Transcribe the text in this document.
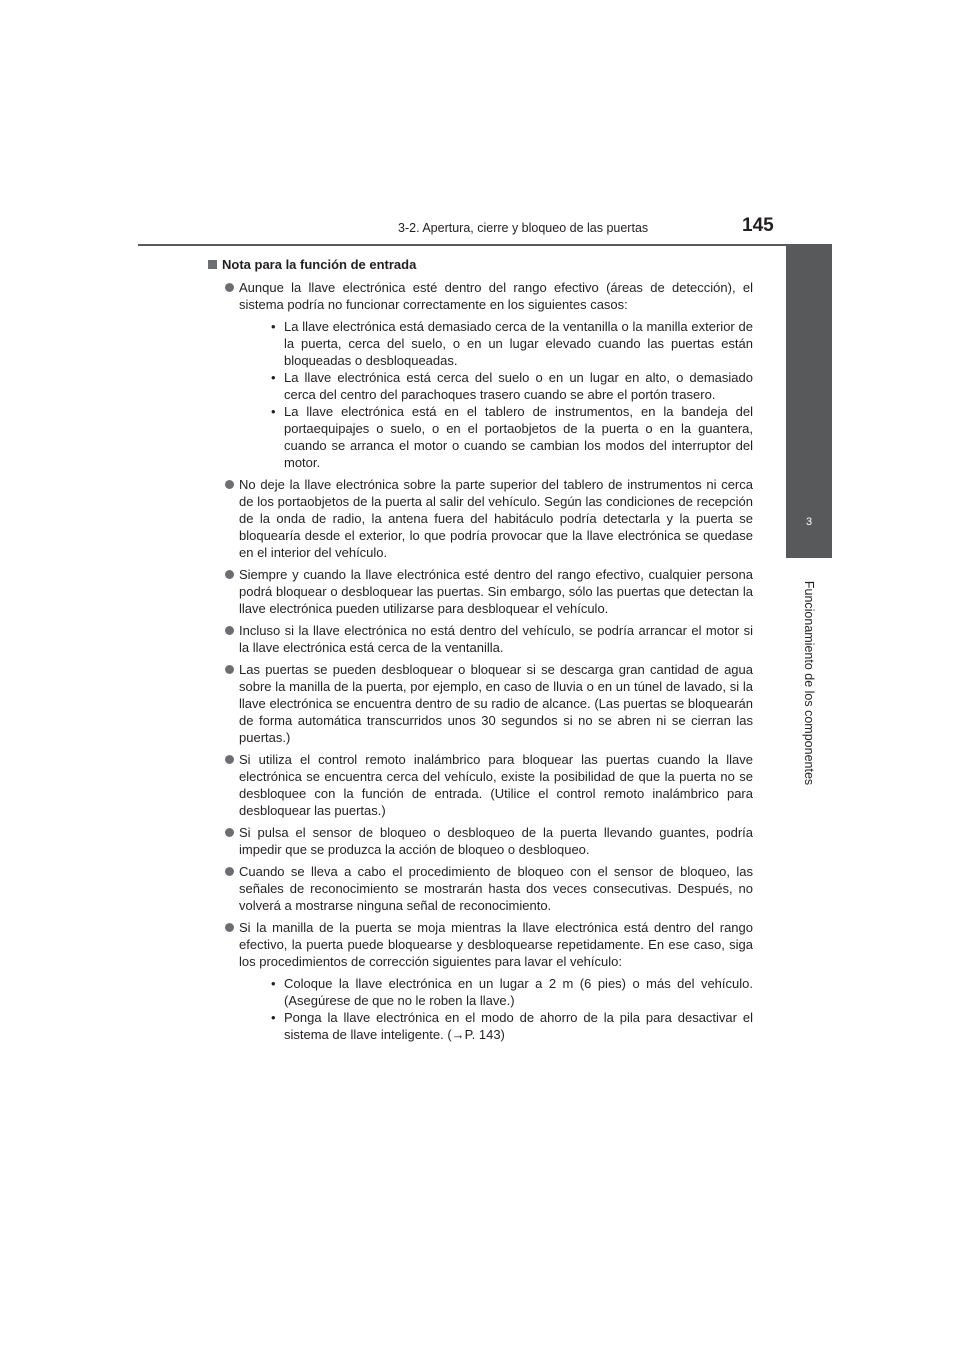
3-2. Apertura, cierre y bloqueo de las puertas	145
3
Funcionamiento de los componentes
Nota para la función de entrada
Aunque la llave electrónica esté dentro del rango efectivo (áreas de detección), el sistema podría no funcionar correctamente en los siguientes casos:
• La llave electrónica está demasiado cerca de la ventanilla o la manilla exterior de la puerta, cerca del suelo, o en un lugar elevado cuando las puertas están bloqueadas o desbloqueadas.
• La llave electrónica está cerca del suelo o en un lugar en alto, o demasiado cerca del centro del parachoques trasero cuando se abre el portón trasero.
• La llave electrónica está en el tablero de instrumentos, en la bandeja del portaequipajes o suelo, o en el portaobjetos de la puerta o en la guantera, cuando se arranca el motor o cuando se cambian los modos del interruptor del motor.
No deje la llave electrónica sobre la parte superior del tablero de instrumentos ni cerca de los portaobjetos de la puerta al salir del vehículo. Según las condiciones de recepción de la onda de radio, la antena fuera del habitáculo podría detectarla y la puerta se bloquearía desde el exterior, lo que podría provocar que la llave electrónica se quedase en el interior del vehículo.
Siempre y cuando la llave electrónica esté dentro del rango efectivo, cualquier persona podrá bloquear o desbloquear las puertas. Sin embargo, sólo las puertas que detectan la llave electrónica pueden utilizarse para desbloquear el vehículo.
Incluso si la llave electrónica no está dentro del vehículo, se podría arrancar el motor si la llave electrónica está cerca de la ventanilla.
Las puertas se pueden desbloquear o bloquear si se descarga gran cantidad de agua sobre la manilla de la puerta, por ejemplo, en caso de lluvia o en un túnel de lavado, si la llave electrónica se encuentra dentro de su radio de alcance. (Las puertas se bloquearán de forma automática transcurridos unos 30 segundos si no se abren ni se cierran las puertas.)
Si utiliza el control remoto inalámbrico para bloquear las puertas cuando la llave electrónica se encuentra cerca del vehículo, existe la posibilidad de que la puerta no se desbloquee con la función de entrada. (Utilice el control remoto inalámbrico para desbloquear las puertas.)
Si pulsa el sensor de bloqueo o desbloqueo de la puerta llevando guantes, podría impedir que se produzca la acción de bloqueo o desbloqueo.
Cuando se lleva a cabo el procedimiento de bloqueo con el sensor de bloqueo, las señales de reconocimiento se mostrarán hasta dos veces consecutivas. Después, no volverá a mostrarse ninguna señal de reconocimiento.
Si la manilla de la puerta se moja mientras la llave electrónica está dentro del rango efectivo, la puerta puede bloquearse y desbloquearse repetidamente. En ese caso, siga los procedimientos de corrección siguientes para lavar el vehículo:
• Coloque la llave electrónica en un lugar a 2 m (6 pies) o más del vehículo. (Asegúrese de que no le roben la llave.)
• Ponga la llave electrónica en el modo de ahorro de la pila para desactivar el sistema de llave inteligente. (→P. 143)
